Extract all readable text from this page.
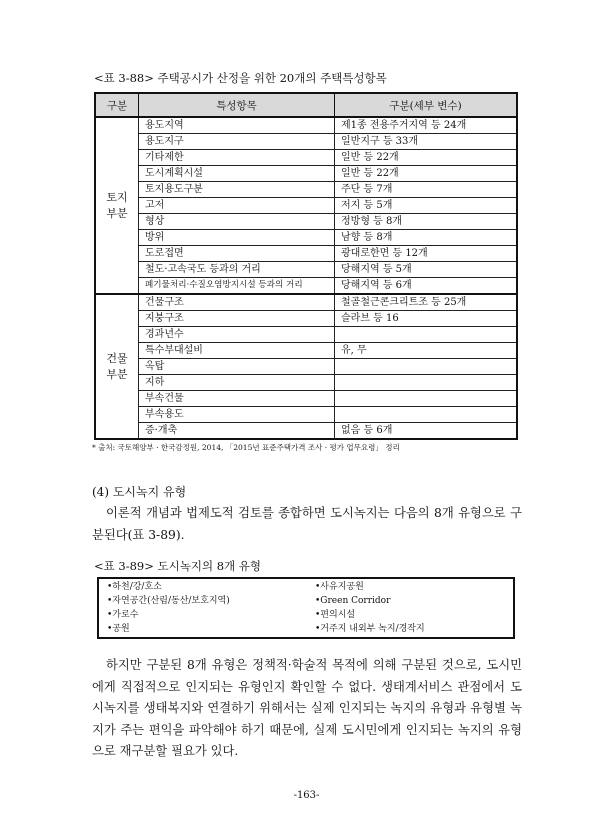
<표 3-88> 주택공시가 산정을 위한 20개의 주택특성항목
구분	특성항목	구분(세부 변수)
토지
부분	용도지역	제1종 전용주거지역 등 24개
	용도지구	일반지구 등 33개
	기타제한	일반 등 22개
	도시계획시설	일반 등 22개
	토지용도구분	주단 등 7개
	고저	저지 등 5개
	형상	정방형 등 8개
	방위	남향 등 8개
	도로접면	광대로한면 등 12개
	철도·고속국도 등과의 거리	당해지역 등 5개
	폐기물처리·수질오염방지시설 등과의 거리	당해지역 등 6개
건물
부분	건물구조	철골철근콘크리트조 등 25개
	지붕구조	슬라브 등 16
	경과년수	
	특수부대설비	유, 무
	옥탑	
	지하	
	부속건물	
	부속용도	
	증·개축	없음 등 6개
* 출처: 국토해양부 · 한국감정원, 2014, 「2015년 표준주택가격 조사 · 평가 업무요령」 정리
(4) 도시녹지 유형
이론적 개념과 법제도적 검토를 종합하면 도시녹지는 다음의 8개 유형으로 구분된다(표 3-89).
<표 3-89> 도시녹지의 8개 유형
•하천/강/호소	•사유지공원
•자연공간(산림/동산/보호지역)	•Green Corridor
•가로수	•편의시설
•공원	•거주지 내외부 녹지/경작지
하지만 구분된 8개 유형은 정책적·학술적 목적에 의해 구분된 것으로, 도시민에게 직접적으로 인지되는 유형인지 확인할 수 없다. 생태계서비스 관점에서 도시녹지를 생태복지와 연결하기 위해서는 실제 인지되는 녹지의 유형과 유형별 녹지가 주는 편익을 파악해야 하기 때문에, 실제 도시민에게 인지되는 녹지의 유형으로 재구분할 필요가 있다.
-163-
